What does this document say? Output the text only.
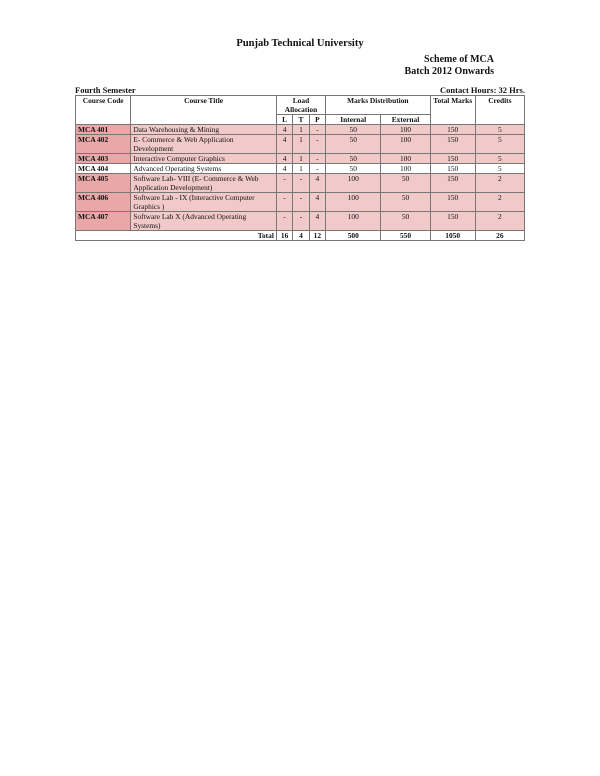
Punjab Technical University
Scheme of MCA
Batch 2012 Onwards
Fourth Semester	Contact Hours: 32 Hrs.
Course Code	Course Title	Load Allocation			Marks Distribution		Total Marks	Credits
		L	T	P	Internal	External		
MCA 401	Data Warehousing & Mining	4	1	-	50	100	150	5
MCA 402	E- Commerce & Web Application Development	4	1	-	50	100	150	5
MCA 403	Interactive Computer Graphics	4	1	-	50	100	150	5
MCA 404	Advanced Operating Systems	4	1	-	50	100	150	5
MCA 405	Software Lab- VIII (E- Commerce & Web Application Development)	-	-	4	100	50	150	2
MCA 406	Software Lab - IX (Interactive Computer Graphics )	-	-	4	100	50	150	2
MCA 407	Software Lab X (Advanced Operating Systems)	-	-	4	100	50	150	2
Total		16	4	12	500	550	1050	26
